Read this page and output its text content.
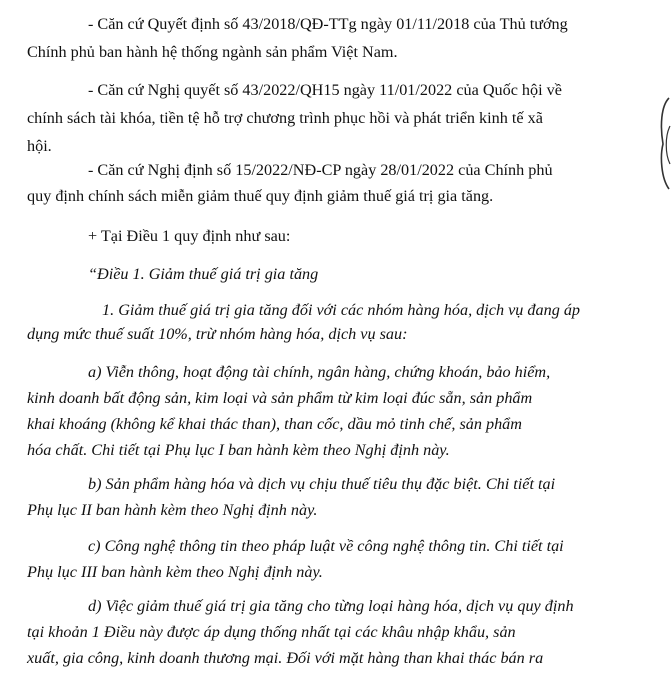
- Căn cứ Quyết định số 43/2018/QĐ-TTg ngày 01/11/2018 của Thủ tướng

Chính phủ ban hành hệ thống ngành sản phẩm Việt Nam.

- Căn cứ Nghị quyết số 43/2022/QH15 ngày 11/01/2022 của Quốc hội về

chính sách tài khóa, tiền tệ hỗ trợ chương trình phục hồi và phát triển kinh tế xã

hội.

- Căn cứ Nghị định số 15/2022/NĐ-CP ngày 28/01/2022 của Chính phủ

quy định chính sách miễn giảm thuế quy định giảm thuế giá trị gia tăng.

+ Tại Điều 1 quy định như sau:

“Điều 1. Giảm thuế giá trị gia tăng

1. Giảm thuế giá trị gia tăng đối với các nhóm hàng hóa, dịch vụ đang áp

dụng mức thuế suất 10%, trừ nhóm hàng hóa, dịch vụ sau:

a) Viễn thông, hoạt động tài chính, ngân hàng, chứng khoán, bảo hiểm,

kinh doanh bất động sản, kim loại và sản phẩm từ kim loại đúc sẵn, sản phẩm

khai khoáng (không kể khai thác than), than cốc, dầu mỏ tinh chế, sản phẩm

hóa chất. Chi tiết tại Phụ lục I ban hành kèm theo Nghị định này.

b) Sản phẩm hàng hóa và dịch vụ chịu thuế tiêu thụ đặc biệt. Chi tiết tại

Phụ lục II ban hành kèm theo Nghị định này.

c) Công nghệ thông tin theo pháp luật về công nghệ thông tin. Chi tiết tại

Phụ lục III ban hành kèm theo Nghị định này.

d) Việc giảm thuế giá trị gia tăng cho từng loại hàng hóa, dịch vụ quy định

tại khoản 1 Điều này được áp dụng thống nhất tại các khâu nhập khẩu, sản

xuất, gia công, kinh doanh thương mại. Đối với mặt hàng than khai thác bán ra
